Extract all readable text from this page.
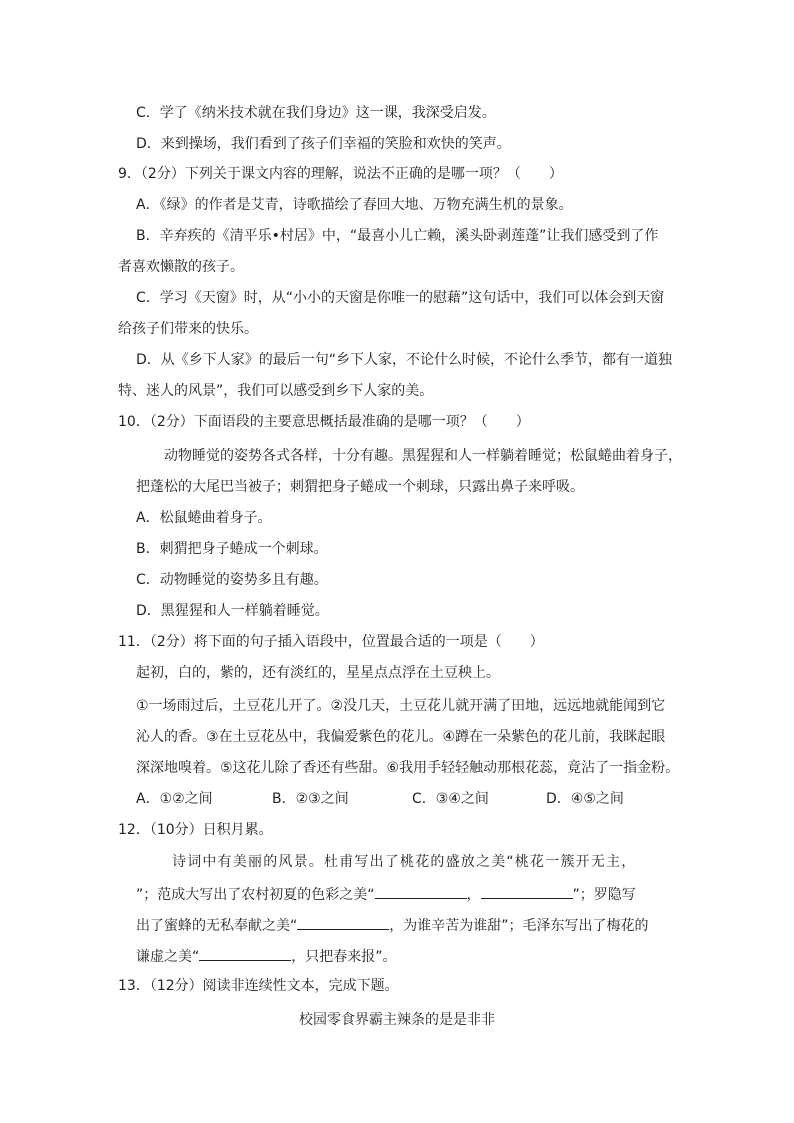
C．学了《纳米技术就在我们身边》这一课，我深受启发。
D．来到操场，我们看到了孩子们幸福的笑脸和欢快的笑声。
9．（2分）下列关于课文内容的理解，说法不正确的是哪一项？（　　）
A．《绿》的作者是艾青，诗歌描绘了春回大地、万物充满生机的景象。
B．辛弃疾的《清平乐•村居》中，“最喜小儿亡赖，溪头卧剥莲蓬”让我们感受到了作
者喜欢懒散的孩子。
C．学习《天窗》时，从“小小的天窗是你唯一的慰藉”这句话中，我们可以体会到天窗
给孩子们带来的快乐。
D．从《乡下人家》的最后一句“乡下人家，不论什么时候，不论什么季节，都有一道独
特、迷人的风景”，我们可以感受到乡下人家的美。
10．（2分）下面语段的主要意思概括最准确的是哪一项？（　　）
动物睡觉的姿势各式各样，十分有趣。黑猩猩和人一样躺着睡觉；松鼠蜷曲着身子，
把蓬松的大尾巴当被子；刺猬把身子蜷成一个刺球，只露出鼻子来呼吸。
A．松鼠蜷曲着身子。
B．刺猬把身子蜷成一个刺球。
C．动物睡觉的姿势多且有趣。
D．黑猩猩和人一样躺着睡觉。
11．（2分）将下面的句子插入语段中，位置最合适的一项是（　　）
起初，白的，紫的，还有淡红的，星星点点浮在土豆秧上。
①一场雨过后，土豆花儿开了。②没几天，土豆花儿就开满了田地，远远地就能闻到它
沁人的香。③在土豆花丛中，我偏爱紫色的花儿。④蹲在一朵紫色的花儿前，我眯起眼
深深地嗅着。⑤这花儿除了香还有些甜。⑥我用手轻轻触动那根花蕊，竟沾了一指金粉。
A．①②之间	B．②③之间	C．③④之间	D．④⑤之间
12．（10分）日积月累。
诗词中有美丽的风景。杜甫写出了桃花的盛放之美“桃花一簇开无主，
”；范成大写出了农村初夏的色彩之美“	，	”；罗隐写
出了蜜蜂的无私奉献之美“	，为谁辛苦为谁甜”；毛泽东写出了梅花的
谦虚之美“	，只把春来报”。
13．（12分）阅读非连续性文本，完成下题。
校园零食界霸主辣条的是是非非
